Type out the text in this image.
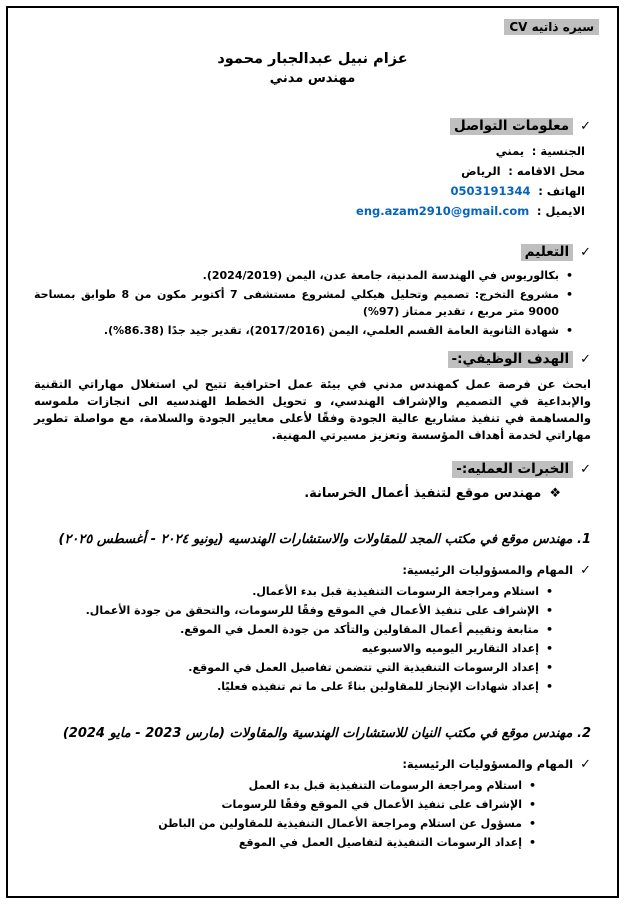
سيره ذاتيه CV
عزام نبيل عبدالجبار محمود
مهندس مدني
✓
معلومات التواصل
الجنسية : يمني
محل الاقامه : الرياض
الهاتف : 0503191344
الايميل : eng.azam2910@gmail.com
✓
التعليم
•
بكالوريوس في الهندسة المدنية، جامعة عدن، اليمن (2024/2019).
•
مشروع التخرج: تصميم وتحليل هيكلي لمشروع مستشفى 7 أكتوبر مكون من 8 طوابق بمساحة 9000 متر مربع ، تقدير ممتاز (97%)
•
شهادة الثانوية العامة القسم العلمي، اليمن (2017/2016)، تقدير جيد جدًا (86.38%).
✓
الهدف الوظيفي:-
ابحث عن فرصة عمل كمهندس مدني في بيئة عمل احترافية تتيح لي استغلال مهاراتي التقنية والإبداعية في التصميم والإشراف الهندسي، و تحويل الخطط الهندسيه الى انجازات ملموسه والمساهمة في تنفيذ مشاريع عالية الجودة وفقًا لأعلى معايير الجودة والسلامة، مع مواصلة تطوير مهاراتي لخدمة أهداف المؤسسة وتعزيز مسيرتي المهنية.
✓
الخبرات العمليه:-
❖
مهندس موقع لتنفيذ أعمال الخرسانة.
1. مهندس موقع في مكتب المجد للمقاولات والاستشارات الهندسيه (يونيو ٢٠٢٤ - أغسطس ٢٠٢٥)
✓
المهام والمسؤوليات الرئيسية:
•
استلام ومراجعة الرسومات التنفيذية قبل بدء الأعمال.
•
الإشراف على تنفيذ الأعمال في الموقع وفقًا للرسومات، والتحقق من جودة الأعمال.
•
متابعة وتقييم أعمال المقاولين والتأكد من جودة العمل في الموقع.
•
إعداد التقارير اليوميه والاسبوعيه
•
إعداد الرسومات التنفيذية التي تتضمن تفاصيل العمل في الموقع.
•
إعداد شهادات الإنجاز للمقاولين بناءً على ما تم تنفيذه فعليًا.
2. مهندس موقع في مكتب النيان للاستشارات الهندسية والمقاولات (مارس 2023 - مايو 2024)
✓
المهام والمسؤوليات الرئيسية:
•
استلام ومراجعة الرسومات التنفيذية قبل بدء العمل
•
الإشراف على تنفيذ الأعمال في الموقع وفقًا للرسومات
•
مسؤول عن استلام ومراجعة الأعمال التنفيذية للمقاولين من الباطن
•
إعداد الرسومات التنفيذية لتفاصيل العمل في الموقع
